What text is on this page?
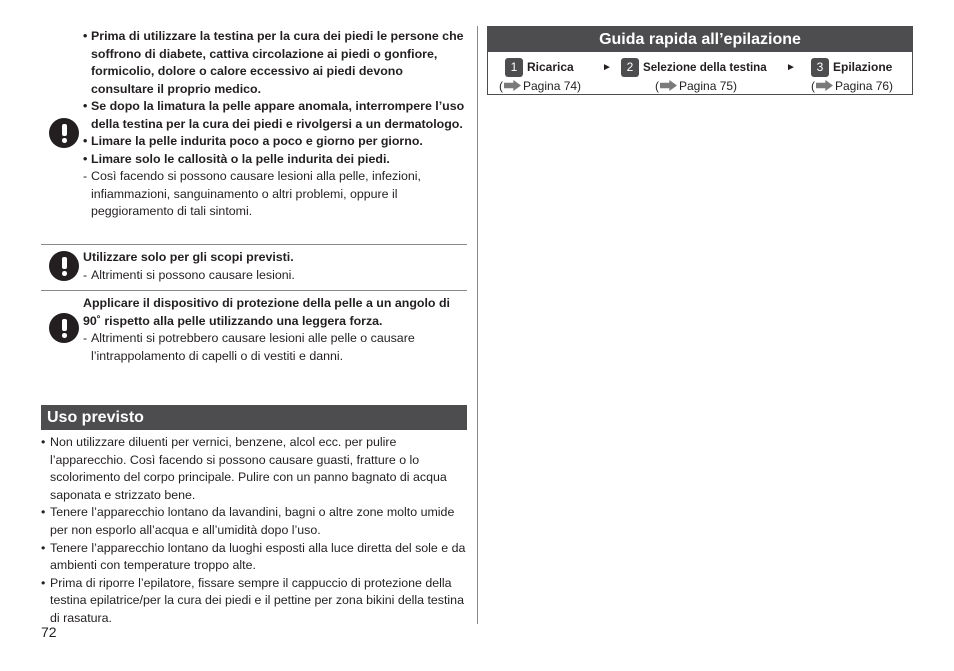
• Prima di utilizzare la testina per la cura dei piedi le persone che soffrono di diabete, cattiva circolazione ai piedi o gonfiore, formicolio, dolore o calore eccessivo ai piedi devono consultare il proprio medico.
• Se dopo la limatura la pelle appare anomala, interrompere l’uso della testina per la cura dei piedi e rivolgersi a un dermatologo.
• Limare la pelle indurita poco a poco e giorno per giorno.
• Limare solo le callosità o la pelle indurita dei piedi.
- Così facendo si possono causare lesioni alla pelle, infezioni, infiammazioni, sanguinamento o altri problemi, oppure il peggioramento di tali sintomi.
Utilizzare solo per gli scopi previsti.
- Altrimenti si possono causare lesioni.
Applicare il dispositivo di protezione della pelle a un angolo di 90˚ rispetto alla pelle utilizzando una leggera forza.
- Altrimenti si potrebbero causare lesioni alle pelle o causare l’intrappolamento di capelli o di vestiti e danni.
Uso previsto
• Non utilizzare diluenti per vernici, benzene, alcol ecc. per pulire l’apparecchio. Così facendo si possono causare guasti, fratture o lo scolorimento del corpo principale. Pulire con un panno bagnato di acqua saponata e strizzato bene.
• Tenere l’apparecchio lontano da lavandini, bagni o altre zone molto umide per non esporlo all’acqua e all’umidità dopo l’uso.
• Tenere l’apparecchio lontano da luoghi esposti alla luce diretta del sole e da ambienti con temperature troppo alte.
• Prima di riporre l’epilatore, fissare sempre il cappuccio di protezione della testina epilatrice/per la cura dei piedi e il pettine per zona bikini della testina di rasatura.
72
Guida rapida all’epilazione
1 Ricarica
( Pagina 74)
►	2 Selezione della testina
( Pagina 75)
►	3 Epilazione
( Pagina 76)
